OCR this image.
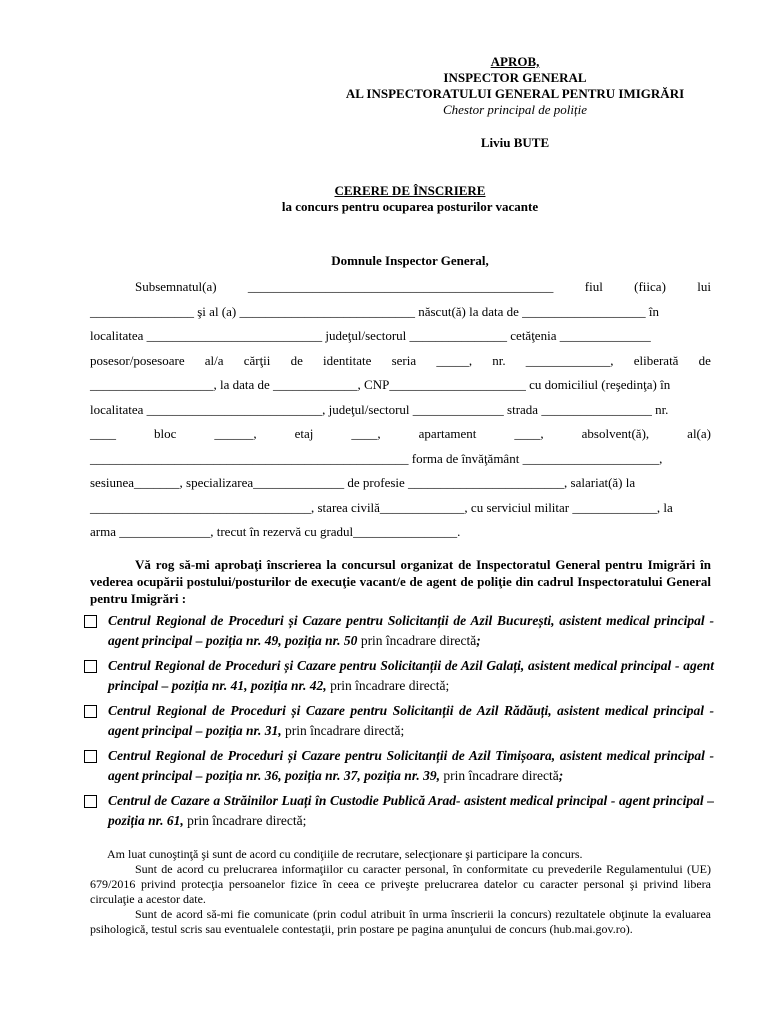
APROB,
INSPECTOR GENERAL
AL INSPECTORATULUI GENERAL PENTRU IMIGRĂRI
Chestor principal de poliție
Liviu BUTE
CERERE DE ÎNSCRIERE
la concurs pentru ocuparea posturilor vacante
Domnule Inspector General,
Subsemnatul(a) _______________________________________________ fiul (fiica) lui
________________ şi al (a) ___________________________ născut(ă) la data de ___________________ în
localitatea ___________________________ judeţul/sectorul _______________ cetăţenia ______________
posesor/posesoare al/a cărţii de identitate seria _____, nr. _____________, eliberată de
___________________, la data de _____________, CNP_____________________ cu domiciliul (reşedinţa) în
localitatea ___________________________, judeţul/sectorul ______________ strada _________________ nr.
____	bloc	______,	etaj	____,	apartament	____,	absolvent(ă),	al(a)
_________________________________________________ forma de învăţământ _____________________,
sesiunea_______, specializarea______________ de profesie ________________________, salariat(ă) la
__________________________________, starea civilă_____________, cu serviciul militar _____________, la
arma ______________, trecut în rezervă cu gradul________________.
Vă rog să-mi aprobaţi înscrierea la concursul organizat de Inspectoratul General pentru Imigrări în vederea ocupării postului/posturilor de execuţie vacant/e de agent de poliţie din cadrul Inspectoratului General pentru Imigrări :
Centrul Regional de Proceduri și Cazare pentru Solicitanții de Azil București, asistent medical principal - agent principal – poziția nr. 49, poziția nr. 50 prin încadrare directă;
Centrul Regional de Proceduri și Cazare pentru Solicitanții de Azil Galați, asistent medical principal - agent principal – poziția nr. 41, poziția nr. 42, prin încadrare directă;
Centrul Regional de Proceduri și Cazare pentru Solicitanții de Azil Rădăuți, asistent medical principal - agent principal – poziția nr. 31, prin încadrare directă;
Centrul Regional de Proceduri și Cazare pentru Solicitanții de Azil Timișoara, asistent medical principal - agent principal – poziția nr. 36, poziția nr. 37, poziția nr. 39, prin încadrare directă;
Centrul de Cazare a Străinilor Luați în Custodie Publică Arad- asistent medical principal - agent principal – poziția nr. 61, prin încadrare directă;
Am luat cunoştinţă şi sunt de acord cu condiţiile de recrutare, selecţionare şi participare la concurs.
Sunt de acord cu prelucrarea informaţiilor cu caracter personal, în conformitate cu prevederile Regulamentului (UE) 679/2016 privind protecţia persoanelor fizice în ceea ce priveşte prelucrarea datelor cu caracter personal şi privind libera circulaţie a acestor date.
Sunt de acord să-mi fie comunicate (prin codul atribuit în urma înscrierii la concurs) rezultatele obţinute la evaluarea psihologică, testul scris sau eventualele contestaţii, prin postare pe pagina anunţului de concurs (hub.mai.gov.ro).
